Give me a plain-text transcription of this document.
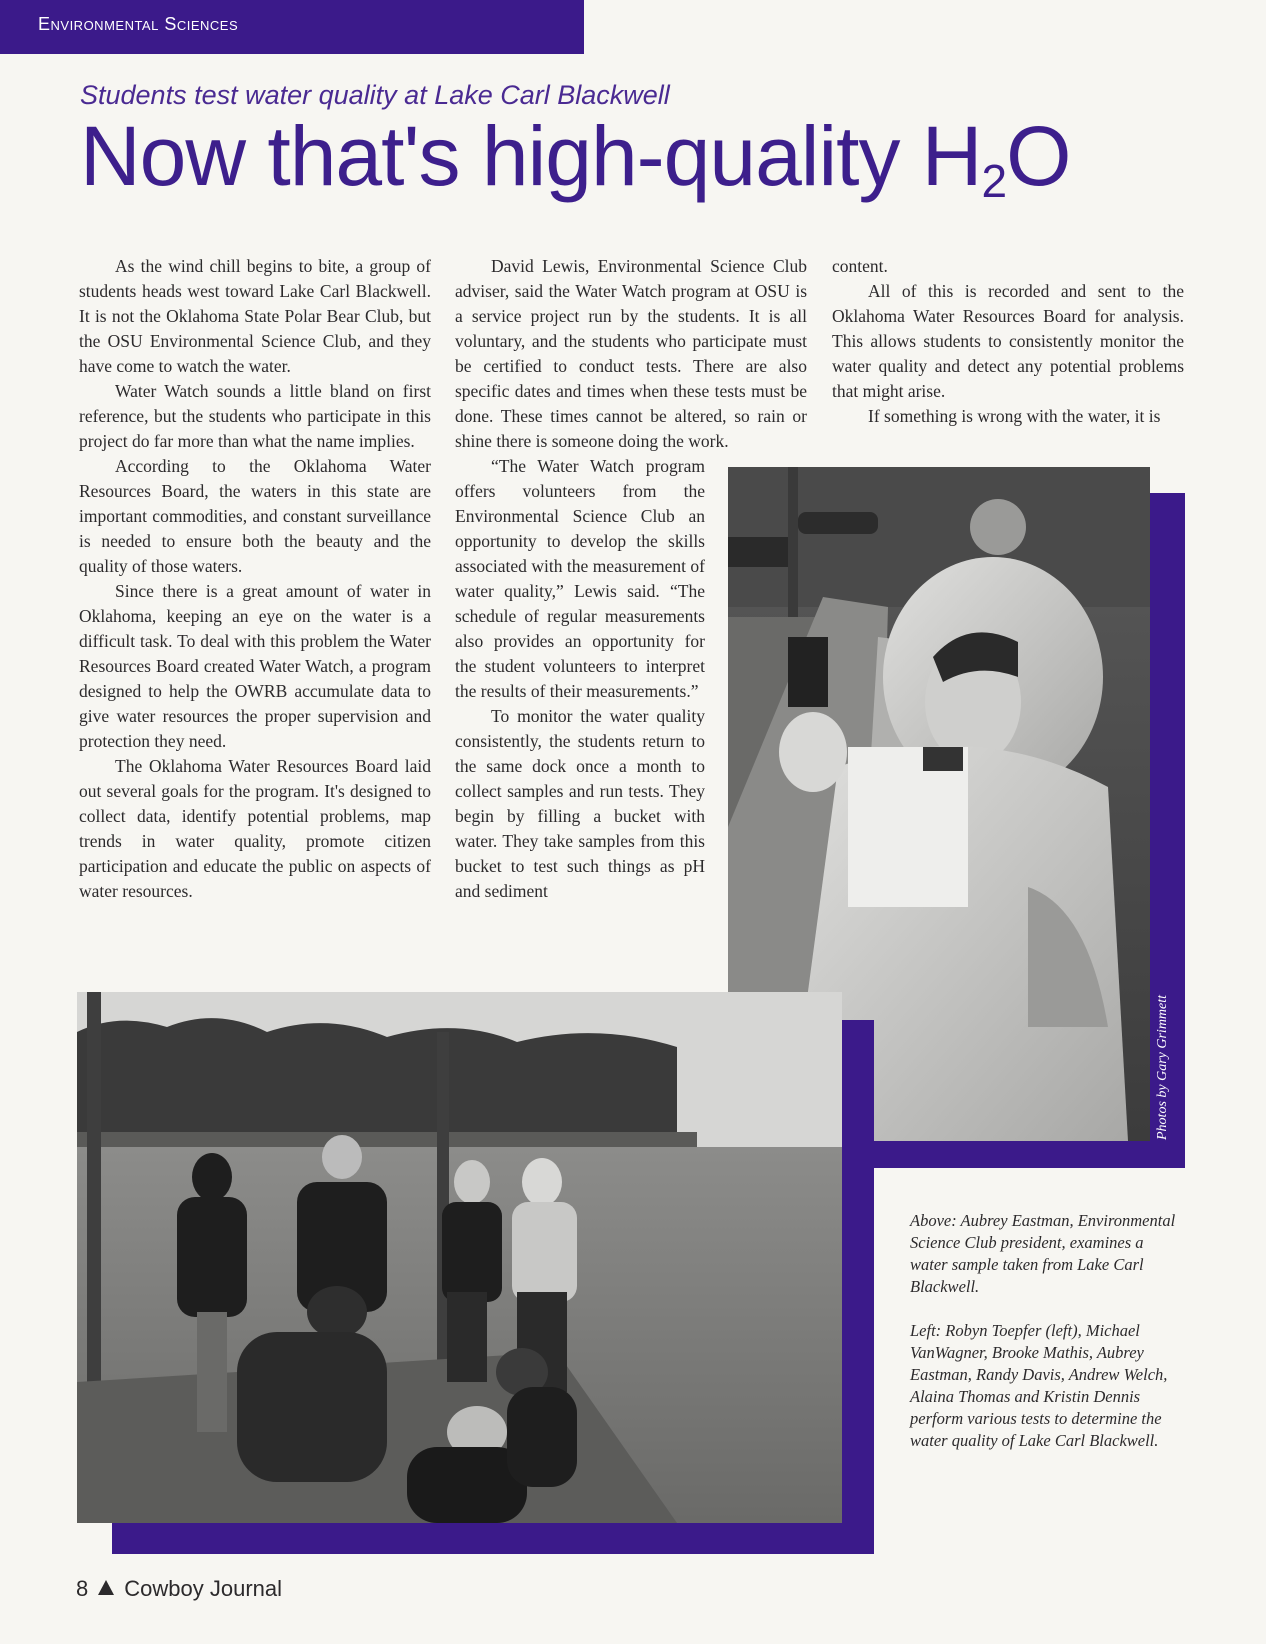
Environmental Sciences
Students test water quality at Lake Carl Blackwell
Now that's high-quality $H_2O$

As the wind chill begins to bite, a group of students heads west toward Lake Carl Blackwell. It is not the Oklahoma State Polar Bear Club, but the OSU Environmental Science Club, and they have come to watch the water.

Water Watch sounds a little bland on first reference, but the students who participate in this project do far more than what the name implies.

According to the Oklahoma Water Resources Board, the waters in this state are important commodities, and constant surveillance is needed to ensure both the beauty and the quality of those waters.

Since there is a great amount of water in Oklahoma, keeping an eye on the water is a difficult task. To deal with this problem the Water Resources Board created Water Watch, a program designed to help the OWRB accumulate data to give water resources the proper supervision and protection they need.

The Oklahoma Water Resources Board laid out several goals for the program. It's designed to collect data, identify potential problems, map trends in water quality, promote citizen participation and educate the public on aspects of water resources.

David Lewis, Environmental Science Club adviser, said the Water Watch program at OSU is a service project run by the students. It is all voluntary, and the students who participate must be certified to conduct tests. There are also specific dates and times when these tests must be done. These times cannot be altered, so rain or shine there is someone doing the work.

“The Water Watch program offers volunteers from the Environmental Science Club an opportunity to develop the skills associated with the measurement of water quality,” Lewis said. “The schedule of regular measurements also provides an opportunity for the student volunteers to interpret the results of their measurements.”

To monitor the water quality consistently, the students return to the same dock once a month to collect samples and run tests. They begin by filling a bucket with water. They take samples from this bucket to test such things as pH and sediment

content.

All of this is recorded and sent to the Oklahoma Water Resources Board for analysis. This allows students to consistently monitor the water quality and detect any potential problems that might arise.

If something is wrong with the water, it is

Photos by Gary Grimmett

Above: Aubrey Eastman, Environmental Science Club president, examines a water sample taken from Lake Carl Blackwell.

Left: Robyn Toepfer (left), Michael VanWagner, Brooke Mathis, Aubrey Eastman, Randy Davis, Andrew Welch, Alaina Thomas and Kristin Dennis perform various tests to determine the water quality of Lake Carl Blackwell.

8 Cowboy Journal
